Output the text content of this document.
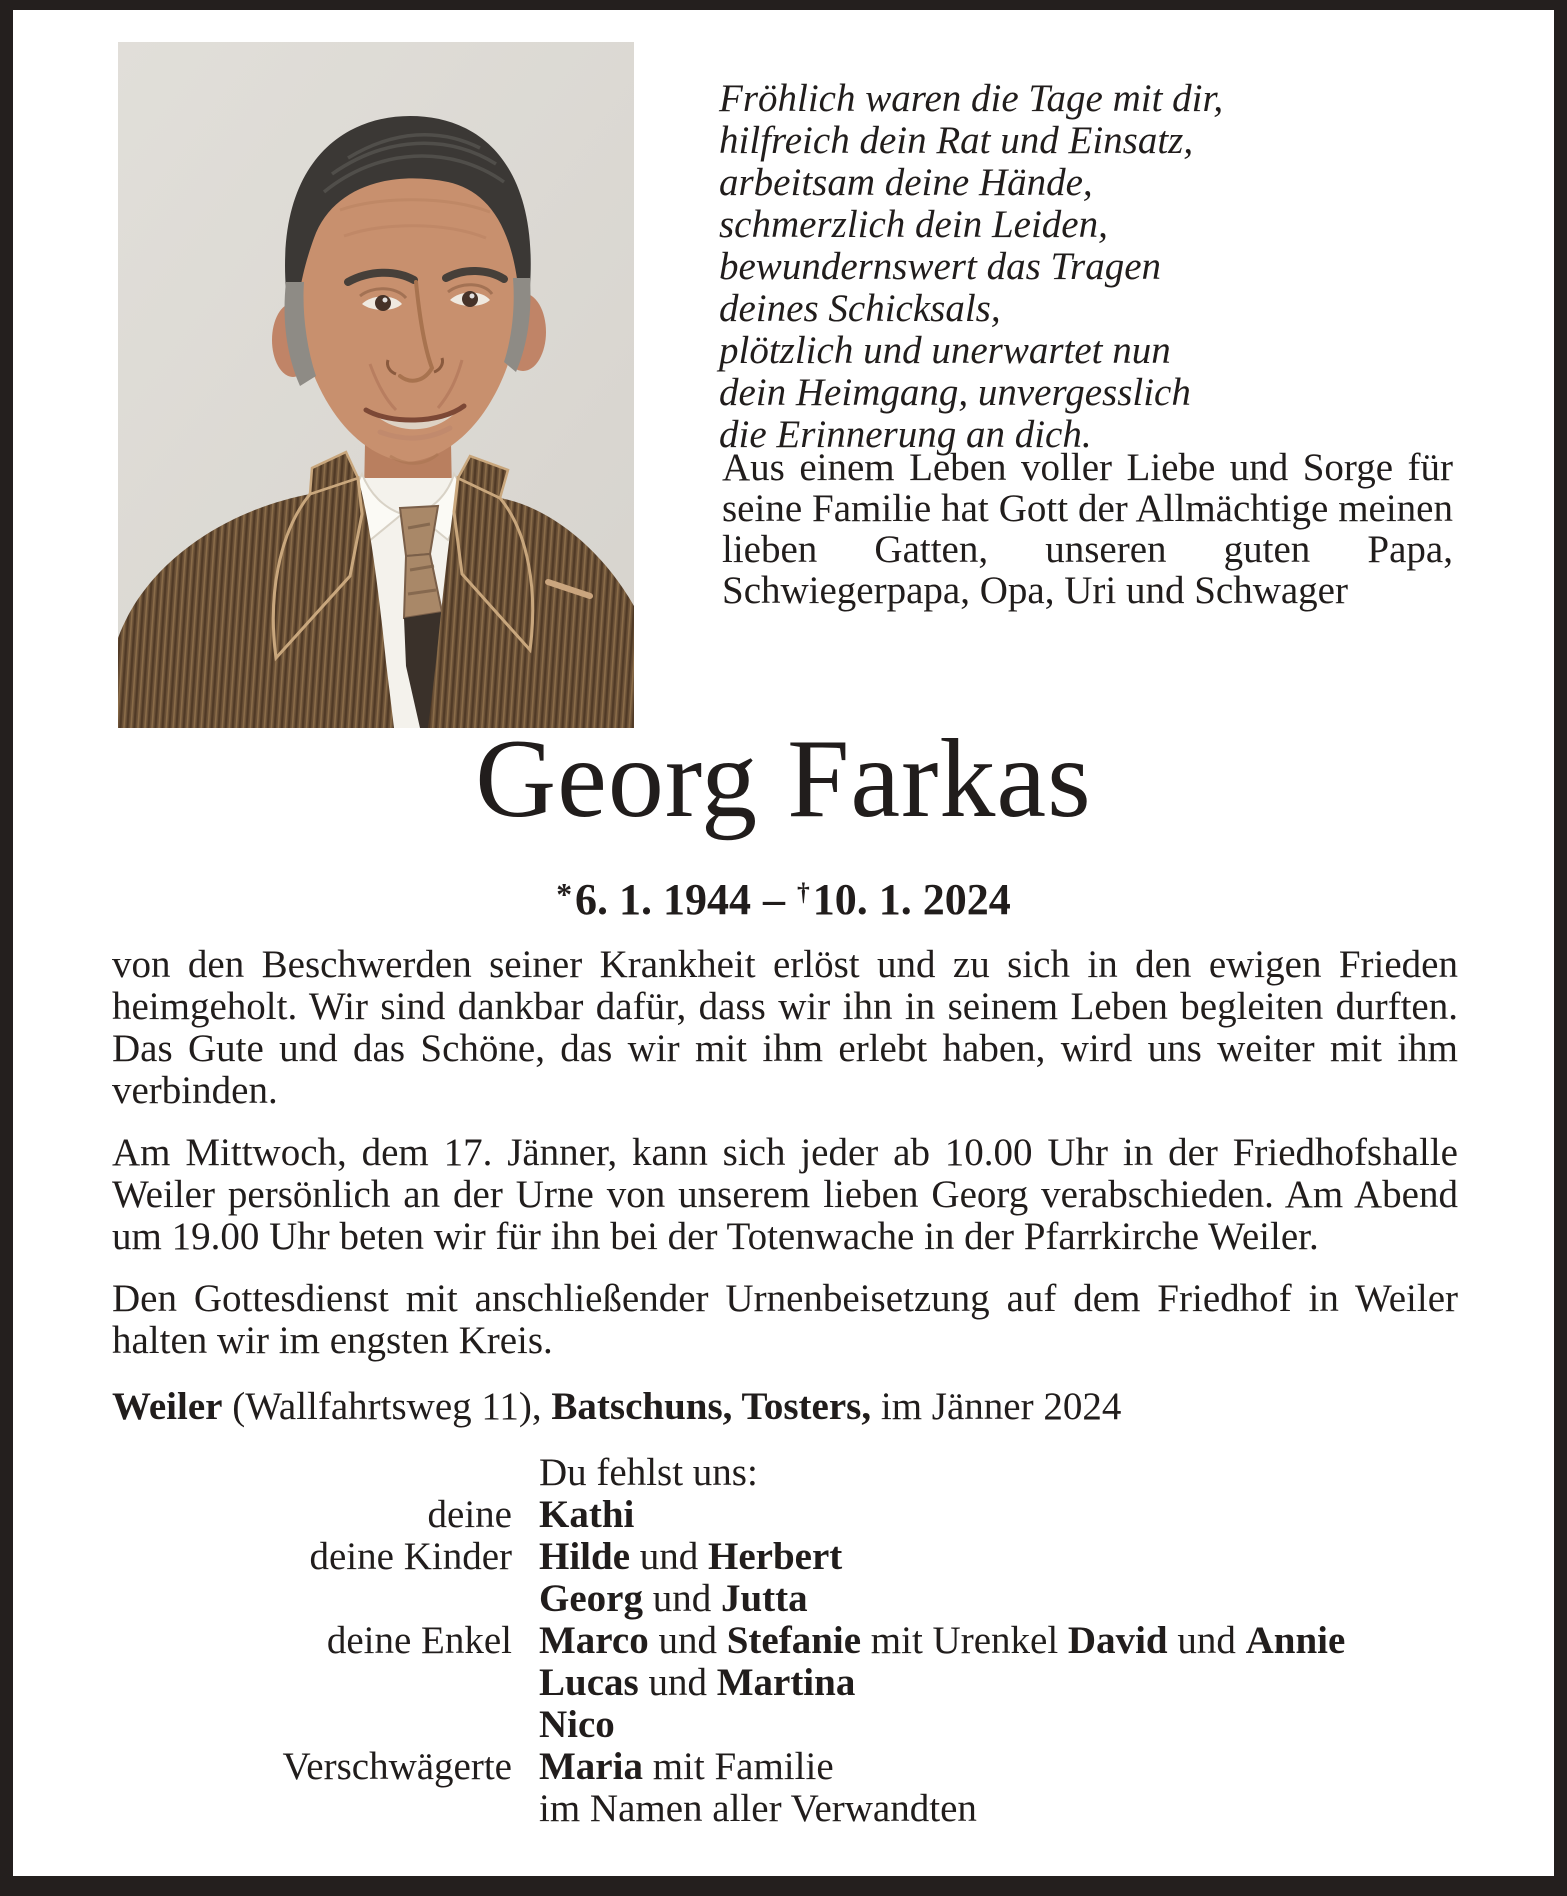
Fröhlich waren die Tage mit dir,
hilfreich dein Rat und Einsatz,
arbeitsam deine Hände,
schmerzlich dein Leiden,
bewundernswert das Tragen
deines Schicksals,
plötzlich und unerwartet nun
dein Heimgang, unvergesslich
die Erinnerung an dich.
Aus einem Leben voller Liebe und Sorge für seine Familie hat Gott der Allmächtige meinen lieben Gatten, unseren guten Papa, Schwiegerpapa, Opa, Uri und Schwager
Georg Farkas
*6. 1. 1944 – †10. 1. 2024

von den Beschwerden seiner Krankheit erlöst und zu sich in den ewigen Frieden heimgeholt. Wir sind dankbar dafür, dass wir ihn in seinem Leben begleiten durften. Das Gute und das Schöne, das wir mit ihm erlebt haben, wird uns weiter mit ihm verbinden.

Am Mittwoch, dem 17. Jänner, kann sich jeder ab 10.00 Uhr in der Friedhofshalle Weiler persönlich an der Urne von unserem lieben Georg verabschieden. Am Abend um 19.00 Uhr beten wir für ihn bei der Totenwache in der Pfarrkirche Weiler.

Den Gottesdienst mit anschließender Urnenbeisetzung auf dem Friedhof in Weiler halten wir im engsten Kreis.

Weiler (Wallfahrtsweg 11), Batschuns, Tosters, im Jänner 2024

Du fehlst uns:
deine Kathi
deine Kinder Hilde und Herbert
Georg und Jutta
deine Enkel Marco und Stefanie mit Urenkel David und Annie
Lucas und Martina
Nico
Verschwägerte Maria mit Familie
im Namen aller Verwandten
